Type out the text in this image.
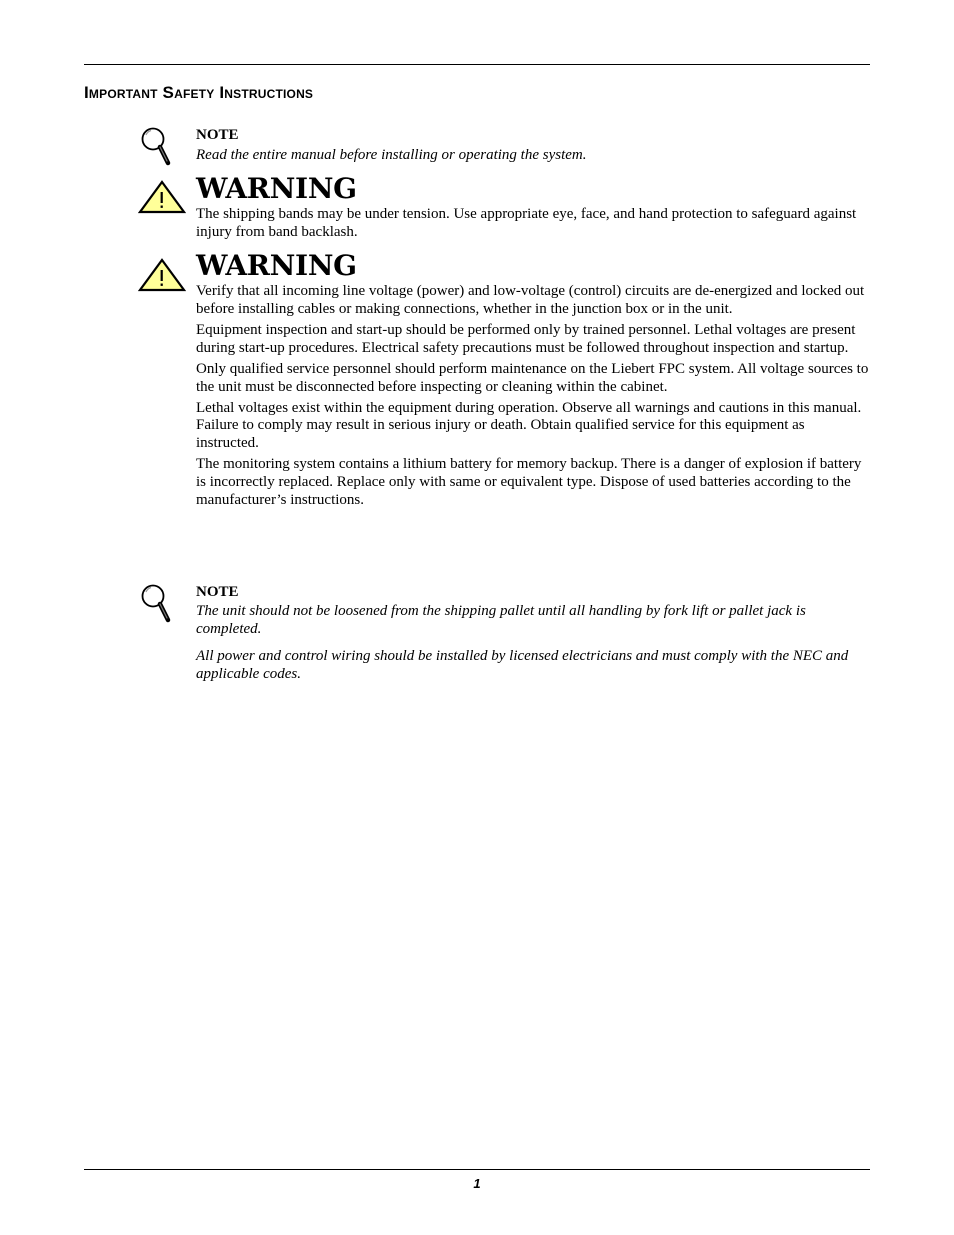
Important Safety Instructions
NOTE
Read the entire manual before installing or operating the system.
WARNING
The shipping bands may be under tension. Use appropriate eye, face, and hand protection to safeguard against injury from band backlash.
WARNING

Verify that all incoming line voltage (power) and low-voltage (control) circuits are de-energized and locked out before installing cables or making connections, whether in the junction box or in the unit.

Equipment inspection and start-up should be performed only by trained personnel. Lethal voltages are present during start-up procedures. Electrical safety precautions must be followed throughout inspection and startup.

Only qualified service personnel should perform maintenance on the Liebert FPC system. All voltage sources to the unit must be disconnected before inspecting or cleaning within the cabinet.

Lethal voltages exist within the equipment during operation. Observe all warnings and cautions in this manual. Failure to comply may result in serious injury or death. Obtain qualified service for this equipment as instructed.

The monitoring system contains a lithium battery for memory backup. There is a danger of explosion if battery is incorrectly replaced. Replace only with same or equivalent type. Dispose of used batteries according to the manufacturer’s instructions.

NOTE

The unit should not be loosened from the shipping pallet until all handling by fork lift or pallet jack is completed.

All power and control wiring should be installed by licensed electricians and must comply with the NEC and applicable codes.

1
